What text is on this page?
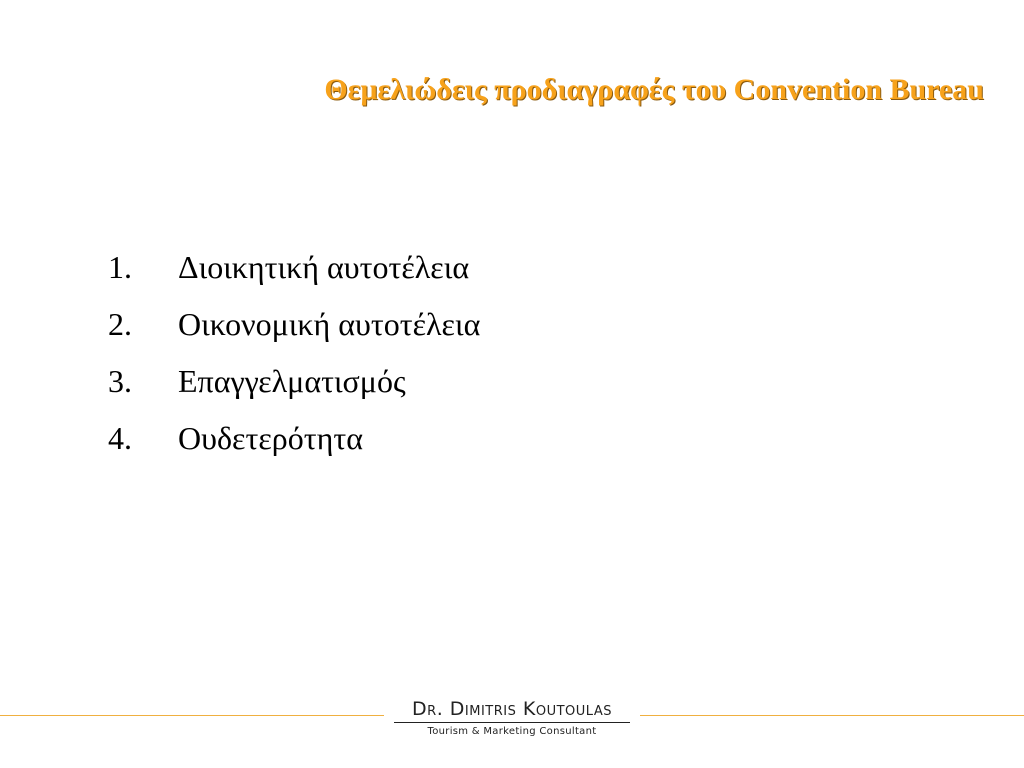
Θεμελιώδεις προδιαγραφές του Convention Bureau
1.	Διοικητική αυτοτέλεια
2.	Οικονομική αυτοτέλεια
3.	Επαγγελματισμός
4.	Ουδετερότητα
Dr. Dimitris Koutoulas
Tourism & Marketing Consultant
